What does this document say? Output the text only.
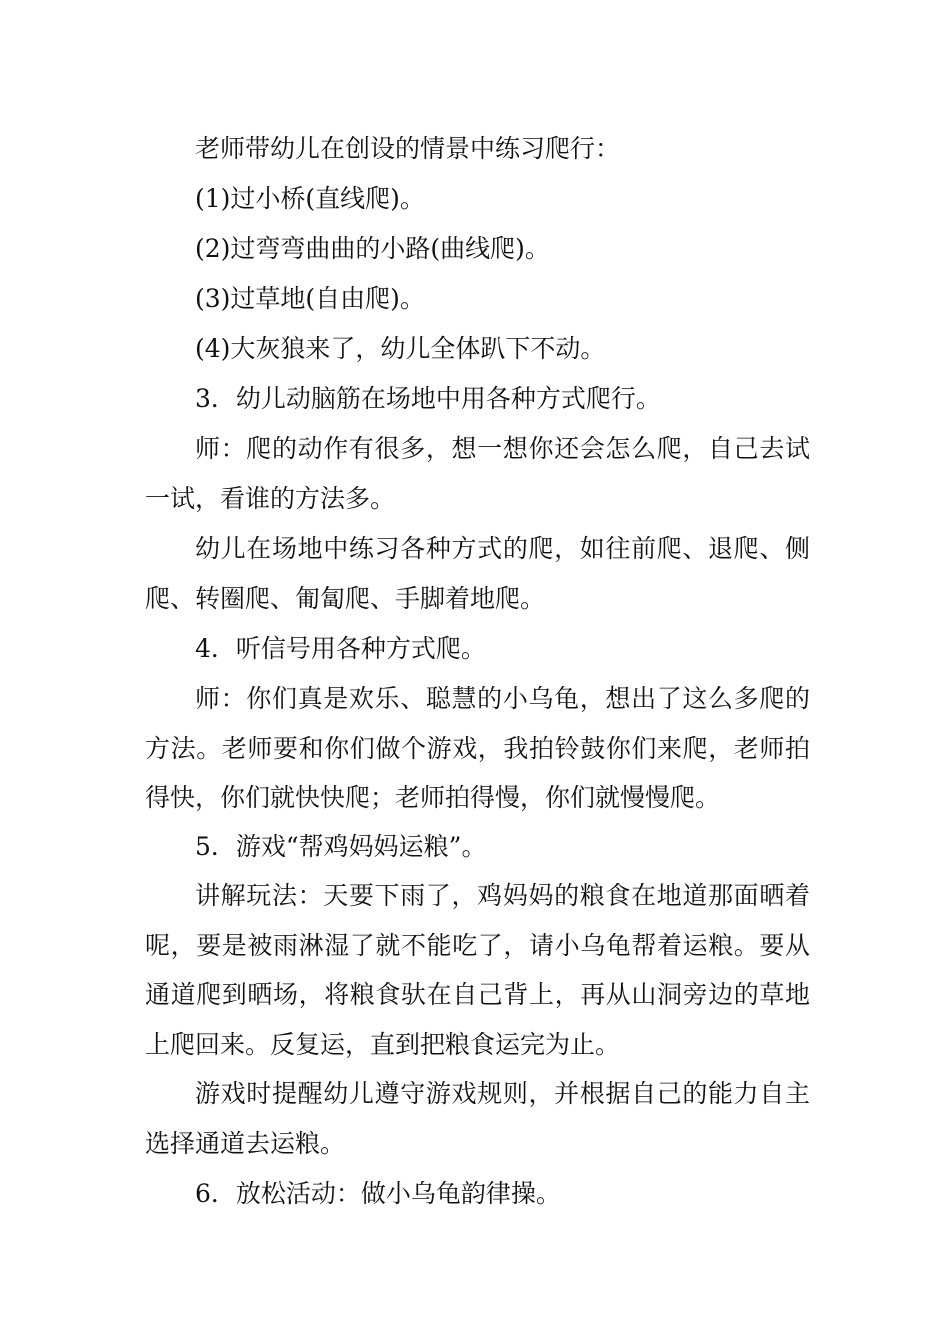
老师带幼儿在创设的情景中练习爬行：

(1)过小桥(直线爬)。

(2)过弯弯曲曲的小路(曲线爬)。

(3)过草地(自由爬)。

(4)大灰狼来了，幼儿全体趴下不动。

3．幼儿动脑筋在场地中用各种方式爬行。

师：爬的动作有很多，想一想你还会怎么爬，自己去试一试，看谁的方法多。

幼儿在场地中练习各种方式的爬，如往前爬、退爬、侧爬、转圈爬、匍匐爬、手脚着地爬。

4．听信号用各种方式爬。

师：你们真是欢乐、聪慧的小乌龟，想出了这么多爬的方法。老师要和你们做个游戏，我拍铃鼓你们来爬，老师拍得快，你们就快快爬；老师拍得慢，你们就慢慢爬。

5．游戏“帮鸡妈妈运粮”。

讲解玩法：天要下雨了，鸡妈妈的粮食在地道那面晒着呢，要是被雨淋湿了就不能吃了，请小乌龟帮着运粮。要从通道爬到晒场，将粮食驮在自己背上，再从山洞旁边的草地上爬回来。反复运，直到把粮食运完为止。

游戏时提醒幼儿遵守游戏规则，并根据自己的能力自主选择通道去运粮。

6．放松活动：做小乌龟韵律操。
